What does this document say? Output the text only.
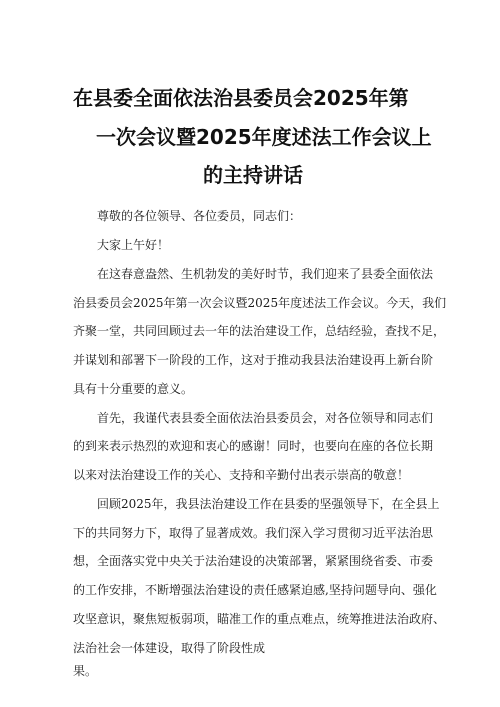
在县委全面依法治县委员会2025年第
一次会议暨2025年度述法工作会议上
的主持讲话
尊敬的各位领导、各位委员，同志们：
大家上午好！
在这春意盎然、生机勃发的美好时节，我们迎来了县委全面依法
治县委员会2025年第一次会议暨2025年度述法工作会议。今天，我们
齐聚一堂，共同回顾过去一年的法治建设工作，总结经验，查找不足，
并谋划和部署下一阶段的工作，这对于推动我县法治建设再上新台阶
具有十分重要的意义。
首先，我谨代表县委全面依法治县委员会，对各位领导和同志们
的到来表示热烈的欢迎和衷心的感谢！同时，也要向在座的各位长期
以来对法治建设工作的关心、支持和辛勤付出表示崇高的敬意！
回顾2025年，我县法治建设工作在县委的坚强领导下，在全县上
下的共同努力下，取得了显著成效。我们深入学习贯彻习近平法治思
想，全面落实党中央关于法治建设的决策部署，紧紧围绕省委、市委
的工作安排，不断增强法治建设的责任感紧迫感,坚持问题导向、强化
攻坚意识，聚焦短板弱项，瞄准工作的重点难点，统筹推进法治政府、
法治社会一体建设，取得了阶段性成
果。
